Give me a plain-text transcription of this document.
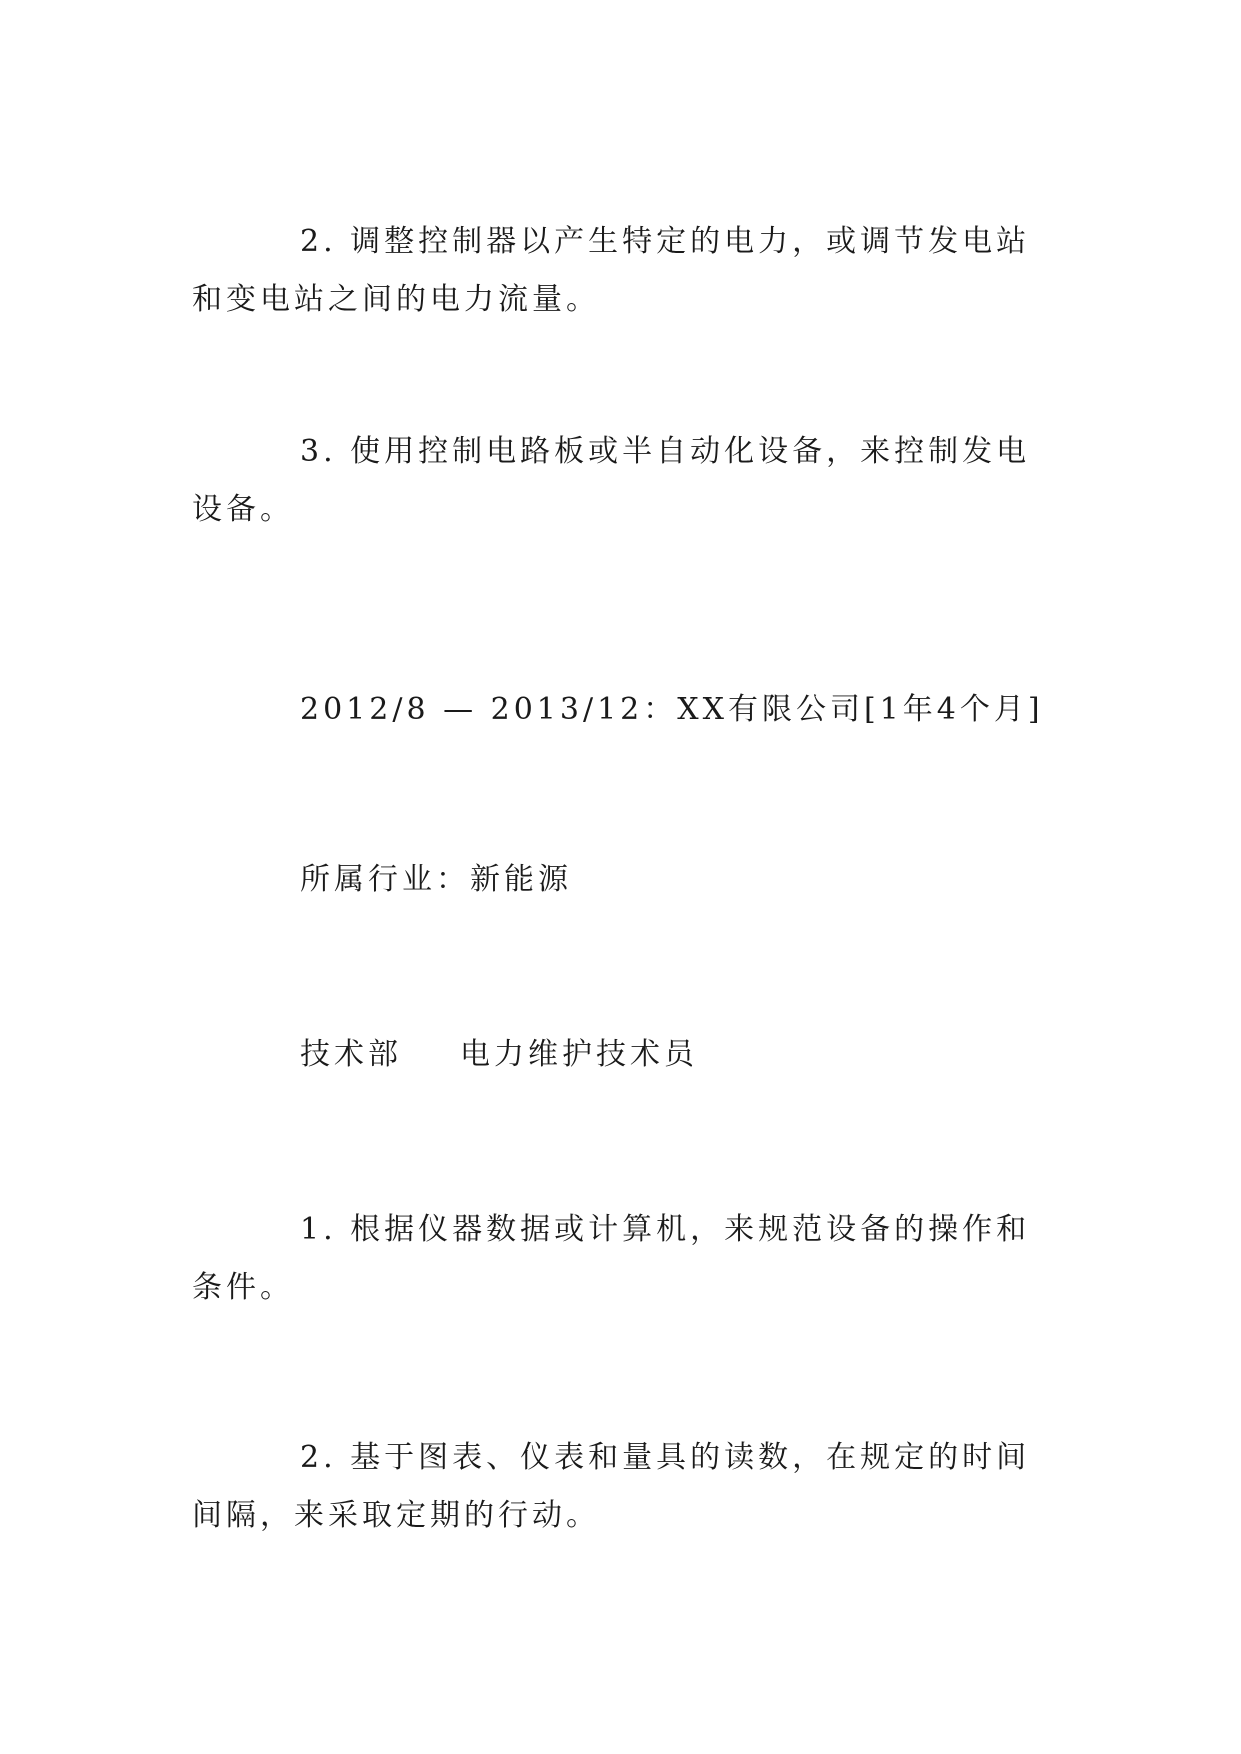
2. 调整控制器以产生特定的电力，或调节发电站和变电站之间的电力流量。

3. 使用控制电路板或半自动化设备，来控制发电设备。

2012/8 — 2013/12：XX有限公司[1年4个月]

所属行业：新能源

技术部 电力维护技术员

1. 根据仪器数据或计算机，来规范设备的操作和条件。

2. 基于图表、仪表和量具的读数，在规定的时间间隔，来采取定期的行动。
